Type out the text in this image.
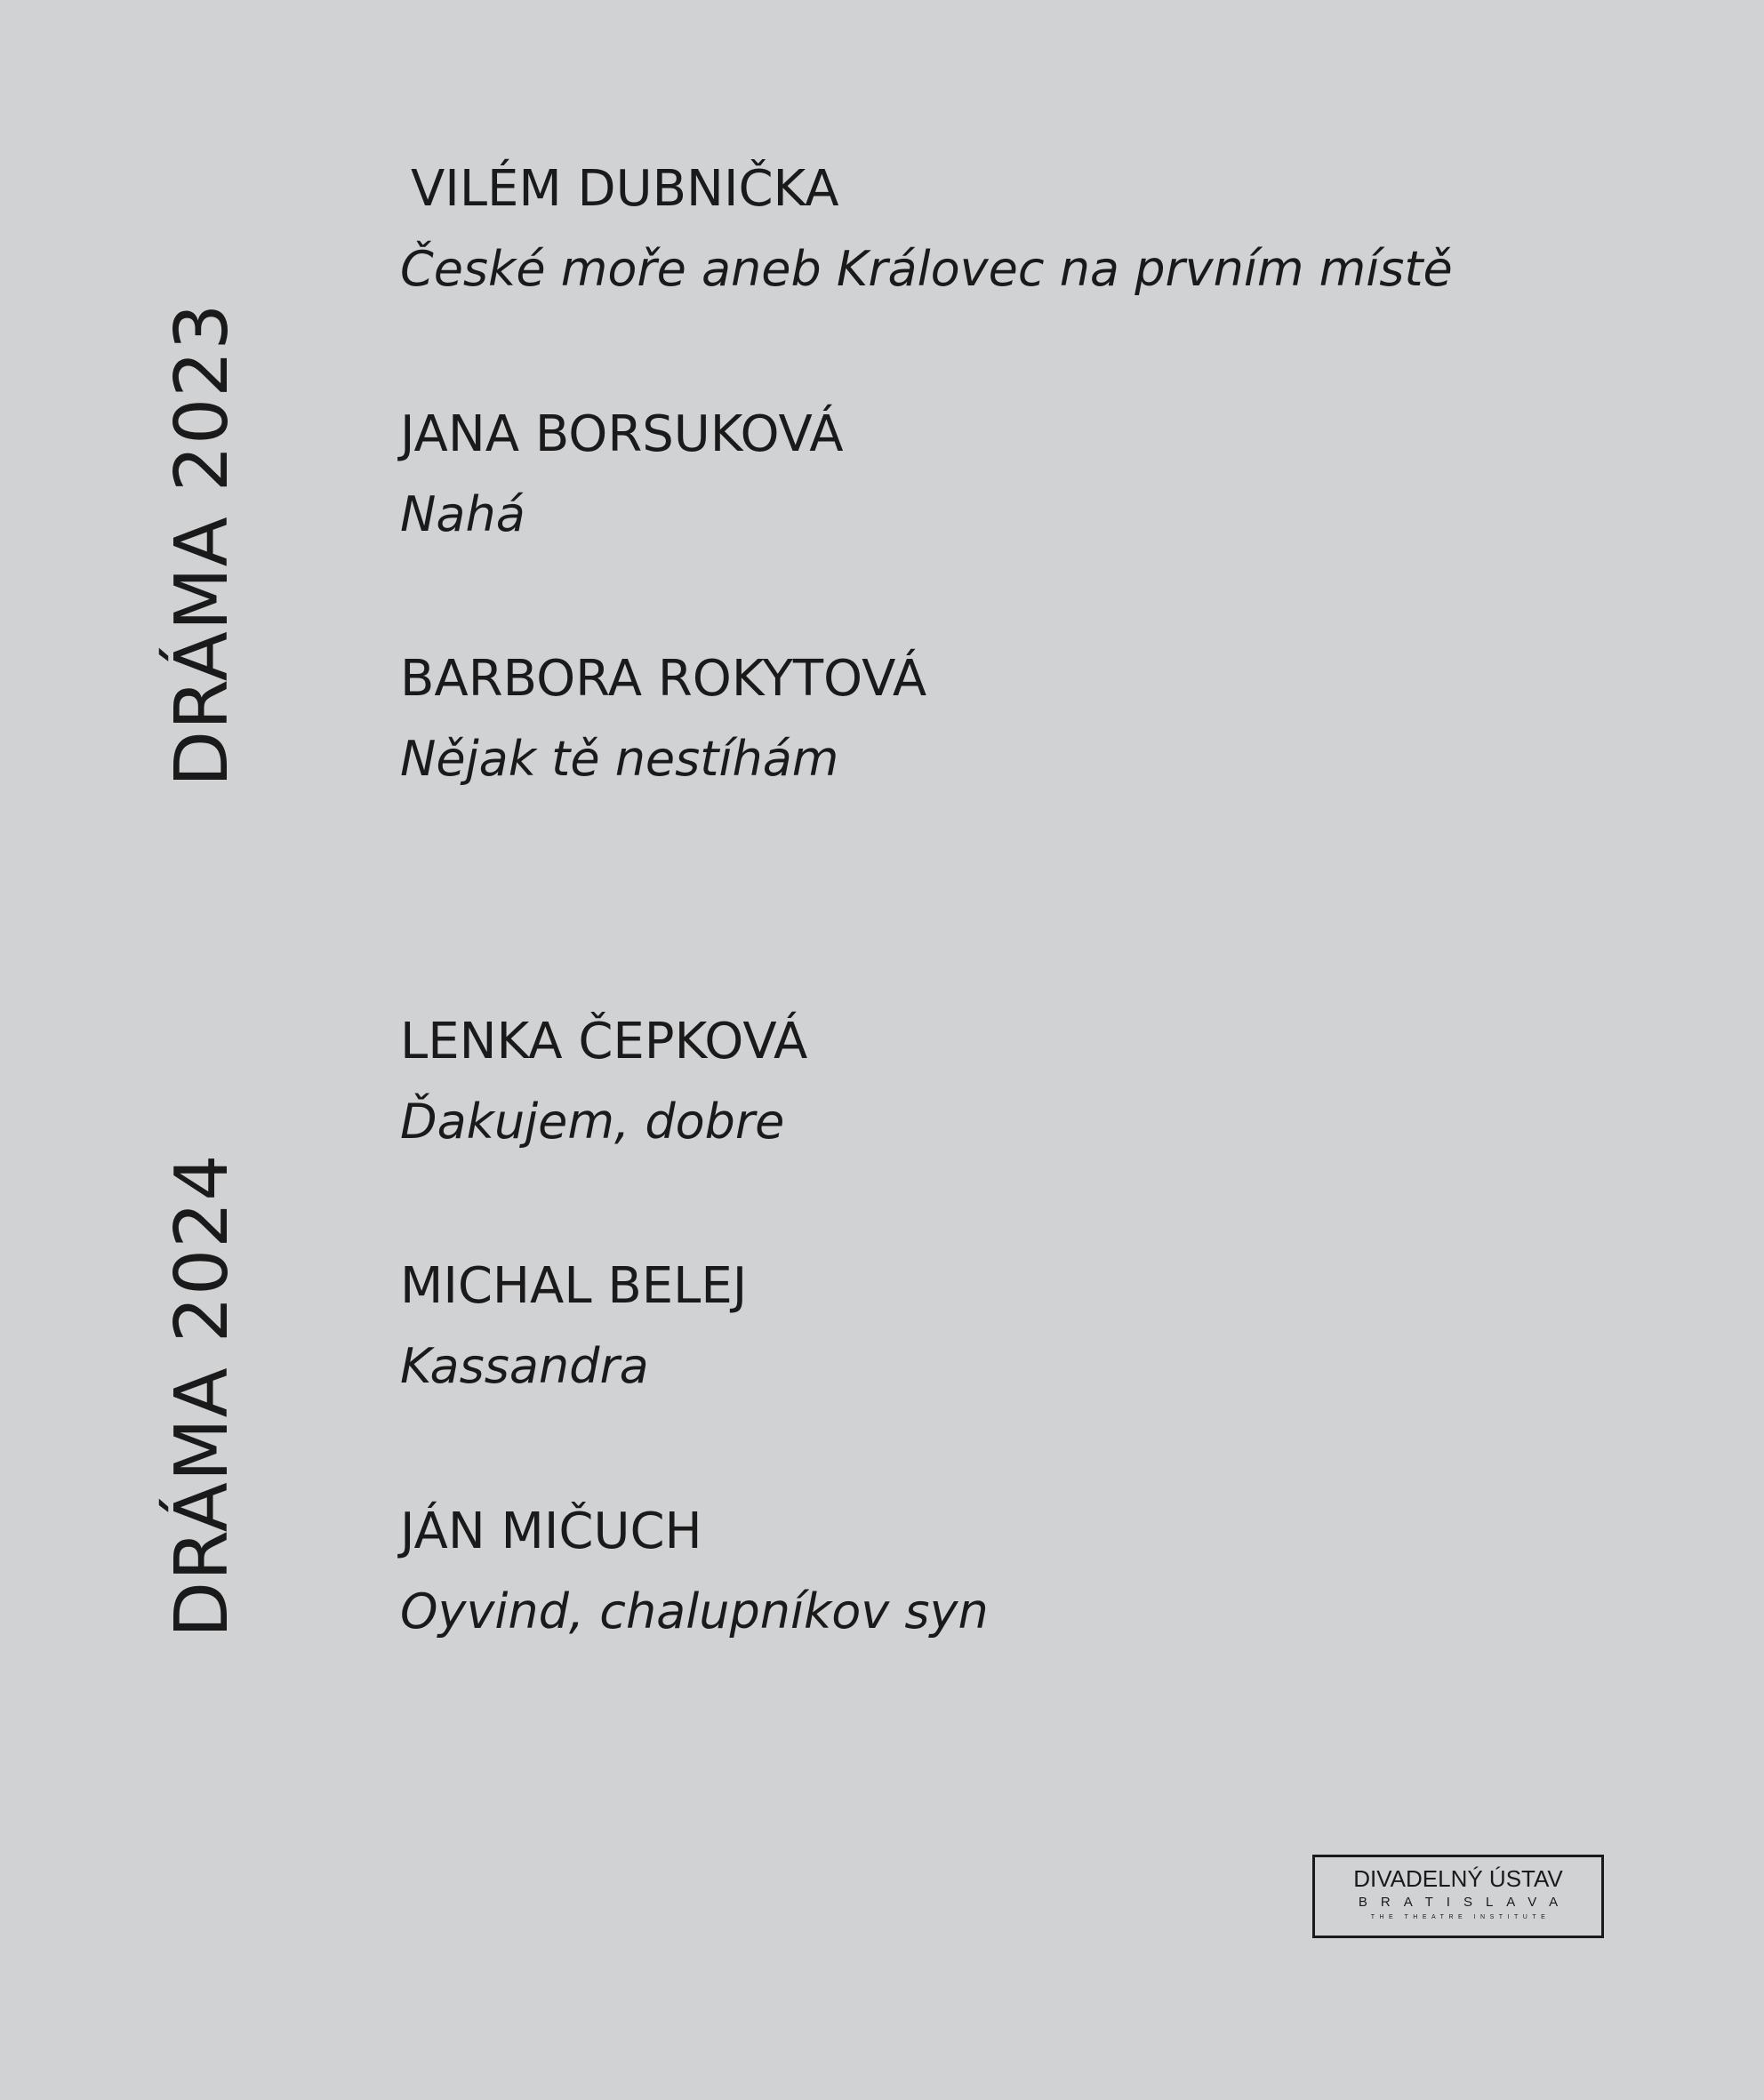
DRÁMA 2023
DRÁMA 2024
VILÉM DUBNIČKA
České moře aneb Královec na prvním místě
JANA BORSUKOVÁ
Nahá
BARBORA ROKYTOVÁ
Nějak tě nestíhám
LENKA ČEPKOVÁ
Ďakujem, dobre
MICHAL BELEJ
Kassandra
JÁN MIČUCH
Oyvind, chalupníkov syn
DIVADELNÝ ÚSTAV
BRATISLAVA
THE THEATRE INSTITUTE
